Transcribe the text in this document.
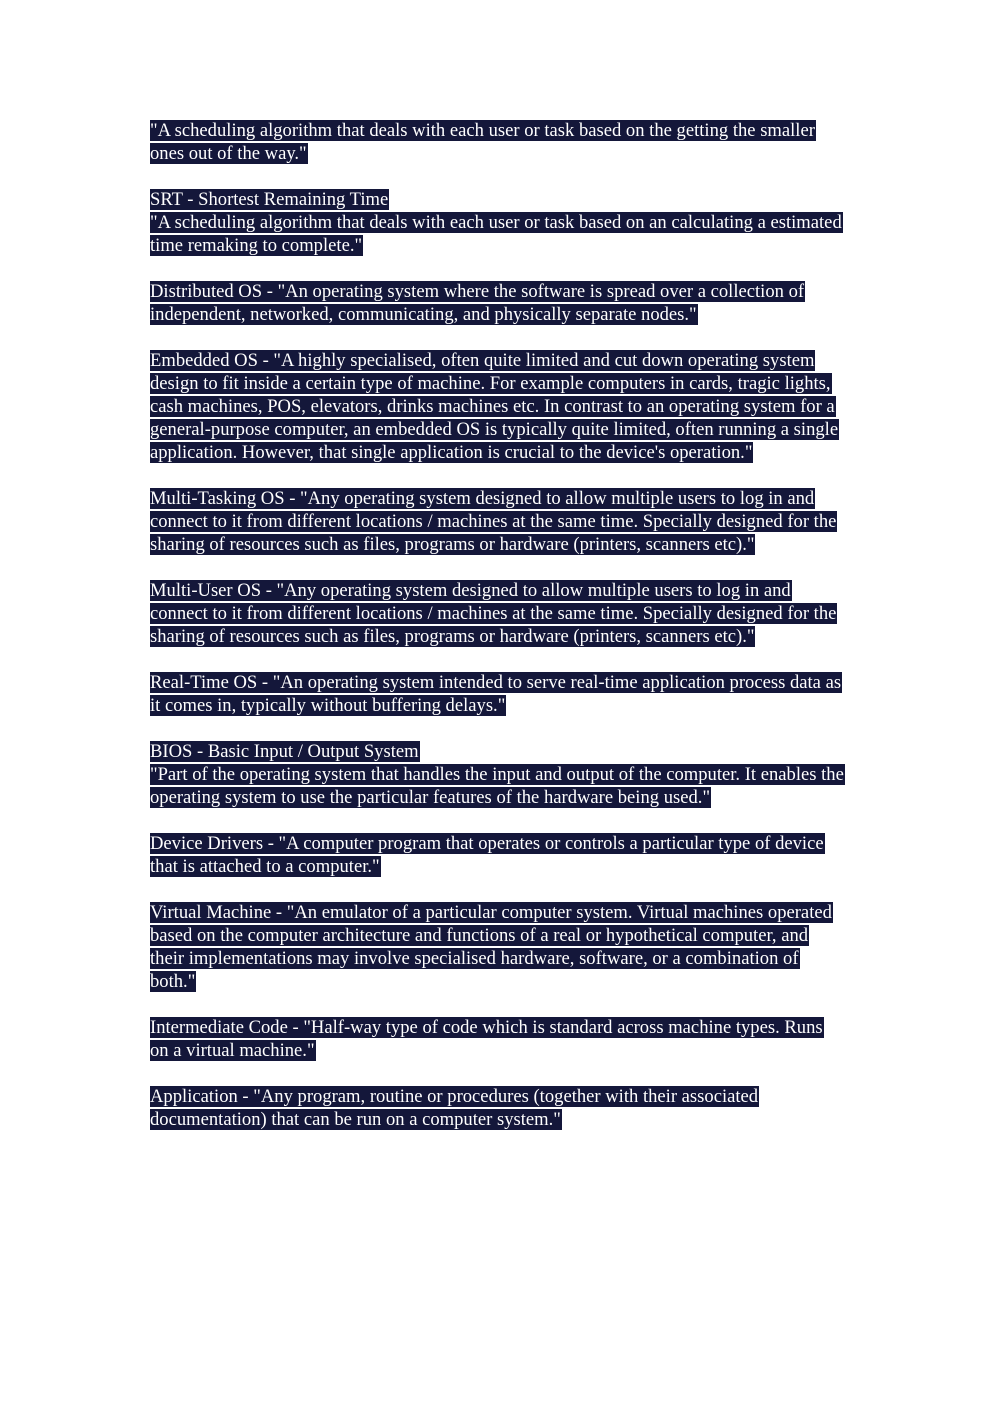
"A scheduling algorithm that deals with each user or task based on the getting the smaller ones out of the way."
SRT - Shortest Remaining Time
"A scheduling algorithm that deals with each user or task based on an calculating a estimated time remaking to complete."
Distributed OS - "An operating system where the software is spread over a collection of independent, networked, communicating, and physically separate nodes."
Embedded OS - "A highly specialised, often quite limited and cut down operating system design to fit inside a certain type of machine. For example computers in cards, tragic lights, cash machines, POS, elevators, drinks machines etc. In contrast to an operating system for a general-purpose computer, an embedded OS is typically quite limited, often running a single application. However, that single application is crucial to the device's operation."
Multi-Tasking OS - "Any operating system designed to allow multiple users to log in and connect to it from different locations / machines at the same time. Specially designed for the sharing of resources such as files, programs or hardware (printers, scanners etc)."
Multi-User OS - "Any operating system designed to allow multiple users to log in and connect to it from different locations / machines at the same time. Specially designed for the sharing of resources such as files, programs or hardware (printers, scanners etc)."
Real-Time OS - "An operating system intended to serve real-time application process data as it comes in, typically without buffering delays."
BIOS - Basic Input / Output System
"Part of the operating system that handles the input and output of the computer. It enables the operating system to use the particular features of the hardware being used."
Device Drivers - "A computer program that operates or controls a particular type of device that is attached to a computer."
Virtual Machine - "An emulator of a particular computer system. Virtual machines operated based on the computer architecture and functions of a real or hypothetical computer, and their implementations may involve specialised hardware, software, or a combination of both."
Intermediate Code - "Half-way type of code which is standard across machine types. Runs on a virtual machine."
Application - "Any program, routine or procedures (together with their associated documentation) that can be run on a computer system."
